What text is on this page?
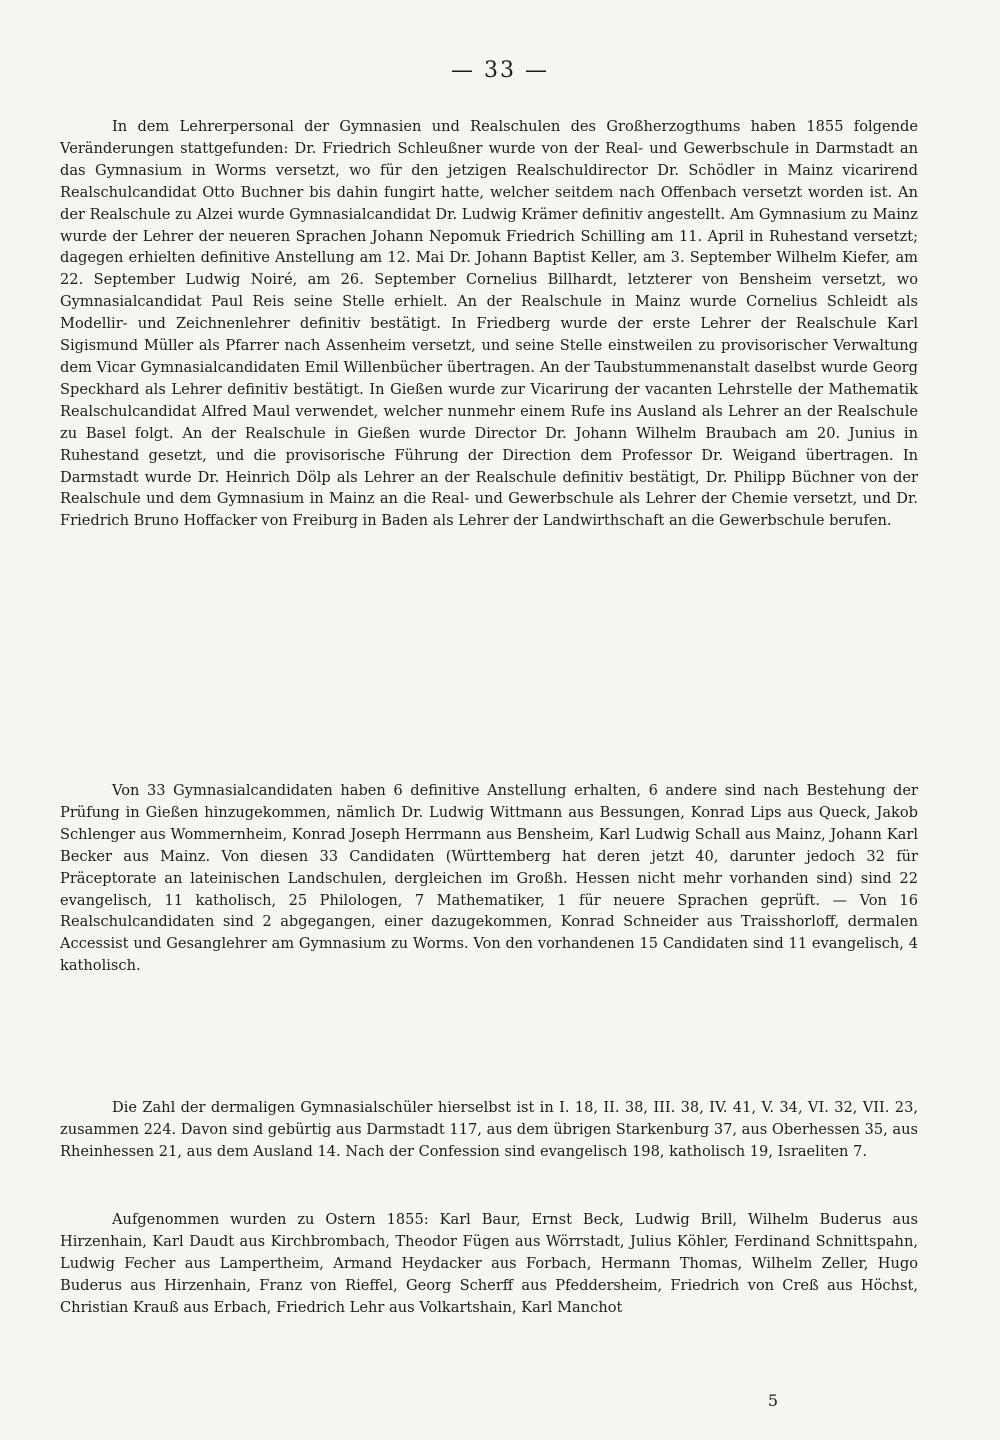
— 33 —

In dem Lehrerpersonal der Gymnasien und Realschulen des Großherzogthums haben 1855 folgende Veränderungen stattgefunden: Dr. Friedrich Schleußner wurde von der Real- und Gewerbschule in Darmstadt an das Gymnasium in Worms versetzt, wo für den jetzigen Realschuldirector Dr. Schödler in Mainz vicarirend Realschulcandidat Otto Buchner bis dahin fungirt hatte, welcher seitdem nach Offenbach versetzt worden ist. An der Realschule zu Alzei wurde Gymnasialcandidat Dr. Ludwig Krämer definitiv angestellt. Am Gymnasium zu Mainz wurde der Lehrer der neueren Sprachen Johann Nepomuk Friedrich Schilling am 11. April in Ruhestand versetzt; dagegen erhielten definitive Anstellung am 12. Mai Dr. Johann Baptist Keller, am 3. September Wilhelm Kiefer, am 22. September Ludwig Noiré, am 26. September Cornelius Billhardt, letzterer von Bensheim versetzt, wo Gymnasialcandidat Paul Reis seine Stelle erhielt. An der Realschule in Mainz wurde Cornelius Schleidt als Modellir- und Zeichnenlehrer definitiv bestätigt. In Friedberg wurde der erste Lehrer der Realschule Karl Sigismund Müller als Pfarrer nach Assenheim versetzt, und seine Stelle einstweilen zu provisorischer Verwaltung dem Vicar Gymnasialcandidaten Emil Willenbücher übertragen. An der Taubstummenanstalt daselbst wurde Georg Speckhard als Lehrer definitiv bestätigt. In Gießen wurde zur Vicarirung der vacanten Lehrstelle der Mathematik Realschulcandidat Alfred Maul verwendet, welcher nunmehr einem Rufe ins Ausland als Lehrer an der Realschule zu Basel folgt. An der Realschule in Gießen wurde Director Dr. Johann Wilhelm Braubach am 20. Junius in Ruhestand gesetzt, und die provisorische Führung der Direction dem Professor Dr. Weigand übertragen. In Darmstadt wurde Dr. Heinrich Dölp als Lehrer an der Realschule definitiv bestätigt, Dr. Philipp Büchner von der Realschule und dem Gymnasium in Mainz an die Real- und Gewerbschule als Lehrer der Chemie versetzt, und Dr. Friedrich Bruno Hoffacker von Freiburg in Baden als Lehrer der Landwirthschaft an die Gewerbschule berufen.

Von 33 Gymnasialcandidaten haben 6 definitive Anstellung erhalten, 6 andere sind nach Bestehung der Prüfung in Gießen hinzugekommen, nämlich Dr. Ludwig Wittmann aus Bessungen, Konrad Lips aus Queck, Jakob Schlenger aus Wommernheim, Konrad Joseph Herrmann aus Bensheim, Karl Ludwig Schall aus Mainz, Johann Karl Becker aus Mainz. Von diesen 33 Candidaten (Württemberg hat deren jetzt 40, darunter jedoch 32 für Präceptorate an lateinischen Landschulen, dergleichen im Großh. Hessen nicht mehr vorhanden sind) sind 22 evangelisch, 11 katholisch, 25 Philologen, 7 Mathematiker, 1 für neuere Sprachen geprüft. — Von 16 Realschulcandidaten sind 2 abgegangen, einer dazugekommen, Konrad Schneider aus Traisshorloff, dermalen Accessist und Gesanglehrer am Gymnasium zu Worms. Von den vorhandenen 15 Candidaten sind 11 evangelisch, 4 katholisch.

Die Zahl der dermaligen Gymnasialschüler hierselbst ist in I. 18, II. 38, III. 38, IV. 41, V. 34, VI. 32, VII. 23, zusammen 224. Davon sind gebürtig aus Darmstadt 117, aus dem übrigen Starkenburg 37, aus Oberhessen 35, aus Rheinhessen 21, aus dem Ausland 14. Nach der Confession sind evangelisch 198, katholisch 19, Israeliten 7.

Aufgenommen wurden zu Ostern 1855: Karl Baur, Ernst Beck, Ludwig Brill, Wilhelm Buderus aus Hirzenhain, Karl Daudt aus Kirchbrombach, Theodor Fügen aus Wörrstadt, Julius Köhler, Ferdinand Schnittspahn, Ludwig Fecher aus Lampertheim, Armand Heydacker aus Forbach, Hermann Thomas, Wilhelm Zeller, Hugo Buderus aus Hirzenhain, Franz von Rieffel, Georg Scherff aus Pfeddersheim, Friedrich von Creß aus Höchst, Christian Krauß aus Erbach, Friedrich Lehr aus Volkartshain, Karl Manchot

5
